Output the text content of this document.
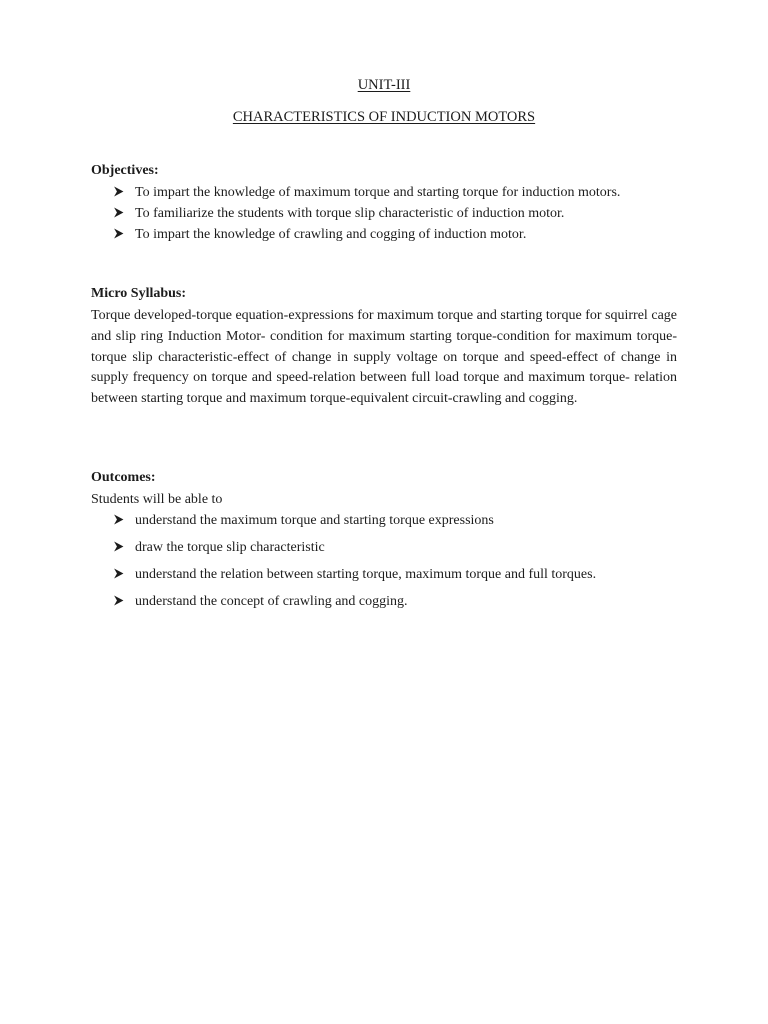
UNIT-III
CHARACTERISTICS OF INDUCTION MOTORS
Objectives:
To impart the knowledge of maximum torque and starting torque for induction motors.
To familiarize the students with torque slip characteristic of induction motor.
To impart the knowledge of crawling and cogging of induction motor.
Micro Syllabus:

Torque developed-torque equation-expressions for maximum torque and starting torque for squirrel cage and slip ring Induction Motor- condition for maximum starting torque-condition for maximum torque-torque slip characteristic-effect of change in supply voltage on torque and speed-effect of change in supply frequency on torque and speed-relation between full load torque and maximum torque- relation between starting torque and maximum torque-equivalent circuit-crawling and cogging.

Outcomes:

Students will be able to

understand the maximum torque and starting torque expressions
draw the torque slip characteristic
understand the relation between starting torque, maximum torque and full torques.
understand the concept of crawling and cogging.
